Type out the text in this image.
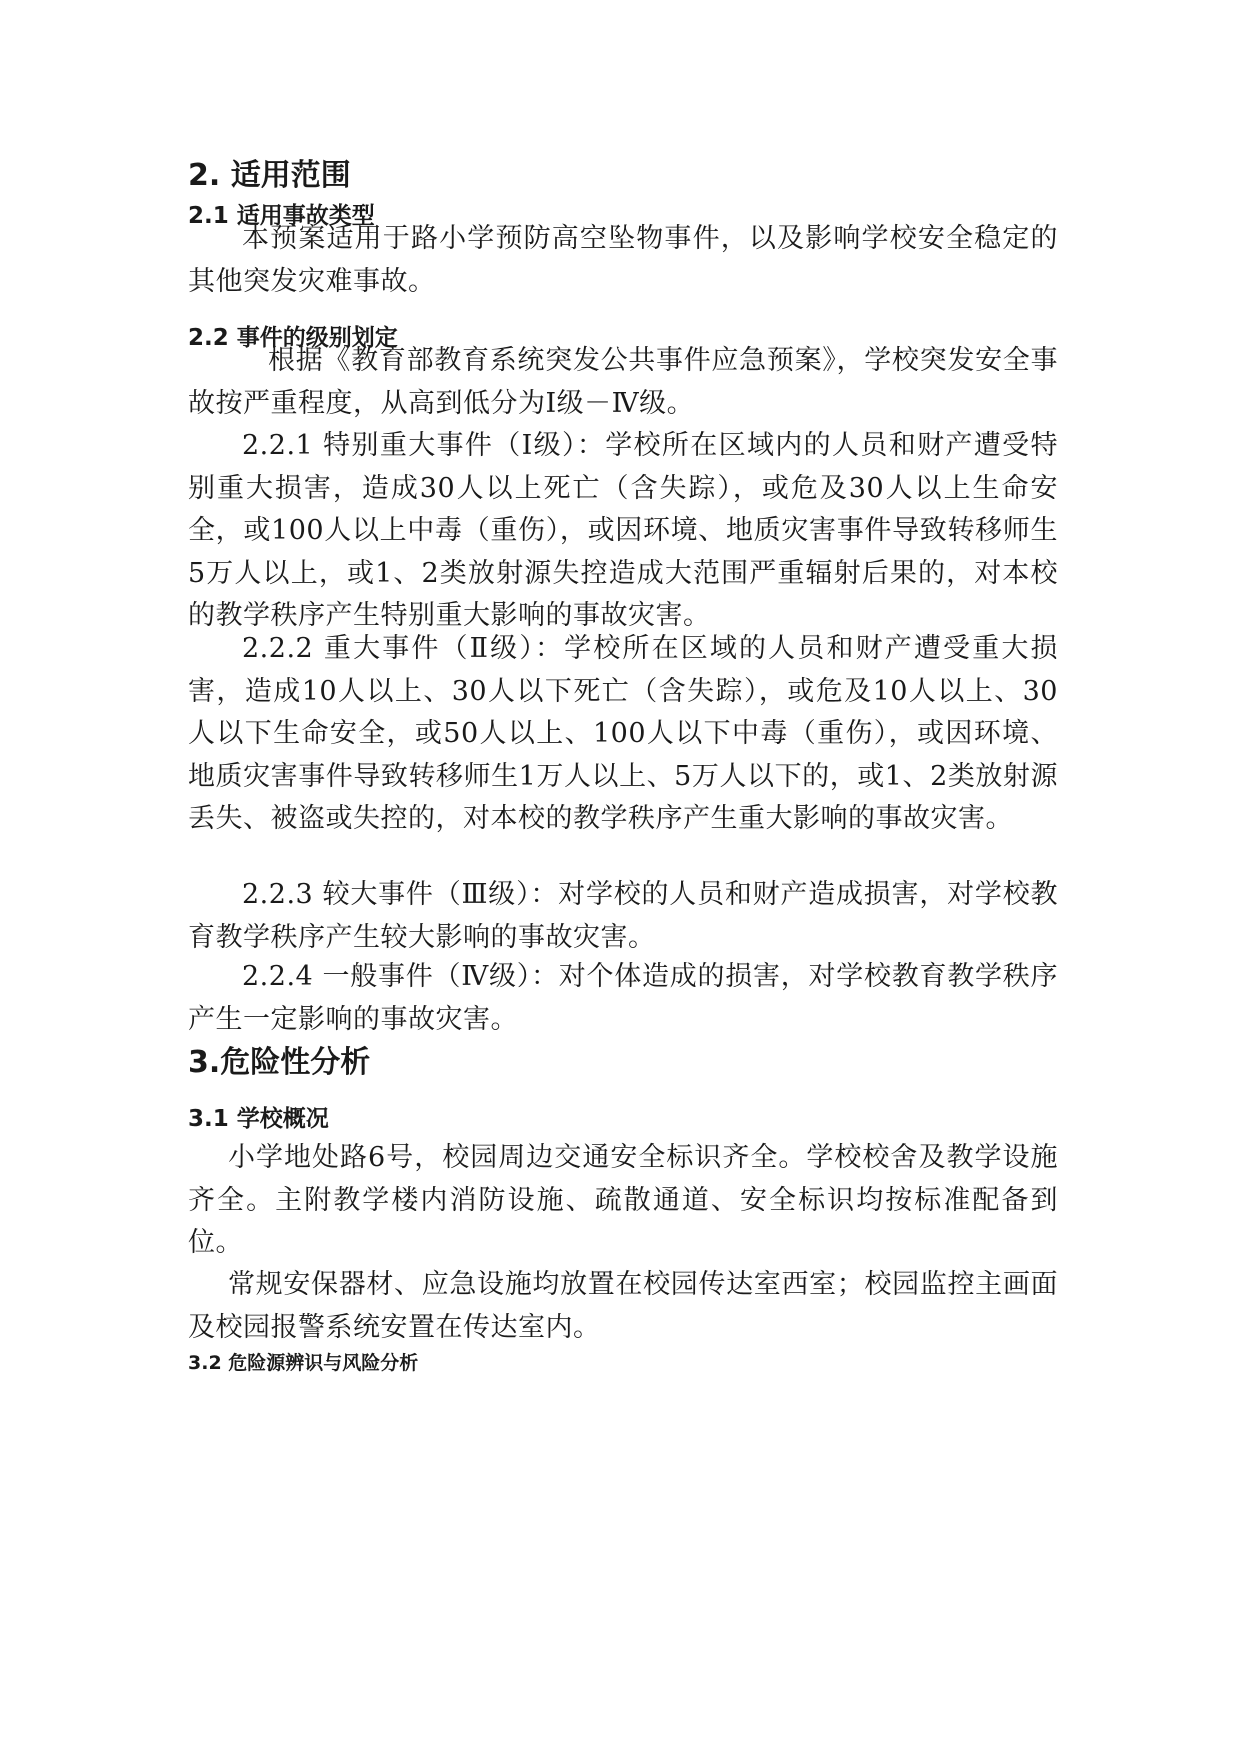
2. 适用范围
2.1 适用事故类型

本预案适用于路小学预防高空坠物事件，以及影响学校安全稳定的其他突发灾难事故。

2.2 事件的级别划定

根据《教育部教育系统突发公共事件应急预案》，学校突发安全事故按严重程度，从高到低分为Ⅰ级－Ⅳ级。

2.2.1 特别重大事件（Ⅰ级）：学校所在区域内的人员和财产遭受特别重大损害，造成30人以上死亡（含失踪），或危及30人以上生命安全，或100人以上中毒（重伤），或因环境、地质灾害事件导致转移师生5万人以上，或1、2类放射源失控造成大范围严重辐射后果的，对本校的教学秩序产生特别重大影响的事故灾害。

2.2.2 重大事件（Ⅱ级）：学校所在区域的人员和财产遭受重大损害，造成10人以上、30人以下死亡（含失踪），或危及10人以上、30人以下生命安全，或50人以上、100人以下中毒（重伤），或因环境、地质灾害事件导致转移师生1万人以上、5万人以下的，或1、2类放射源丢失、被盗或失控的，对本校的教学秩序产生重大影响的事故灾害。

2.2.3 较大事件（Ⅲ级）：对学校的人员和财产造成损害，对学校教育教学秩序产生较大影响的事故灾害。

2.2.4 一般事件（Ⅳ级）：对个体造成的损害，对学校教育教学秩序产生一定影响的事故灾害。

3.危险性分析
3.1 学校概况

小学地处路6号，校园周边交通安全标识齐全。学校校舍及教学设施齐全。主附教学楼内消防设施、疏散通道、安全标识均按标准配备到位。

常规安保器材、应急设施均放置在校园传达室西室；校园监控主画面及校园报警系统安置在传达室内。

3.2 危险源辨识与风险分析
